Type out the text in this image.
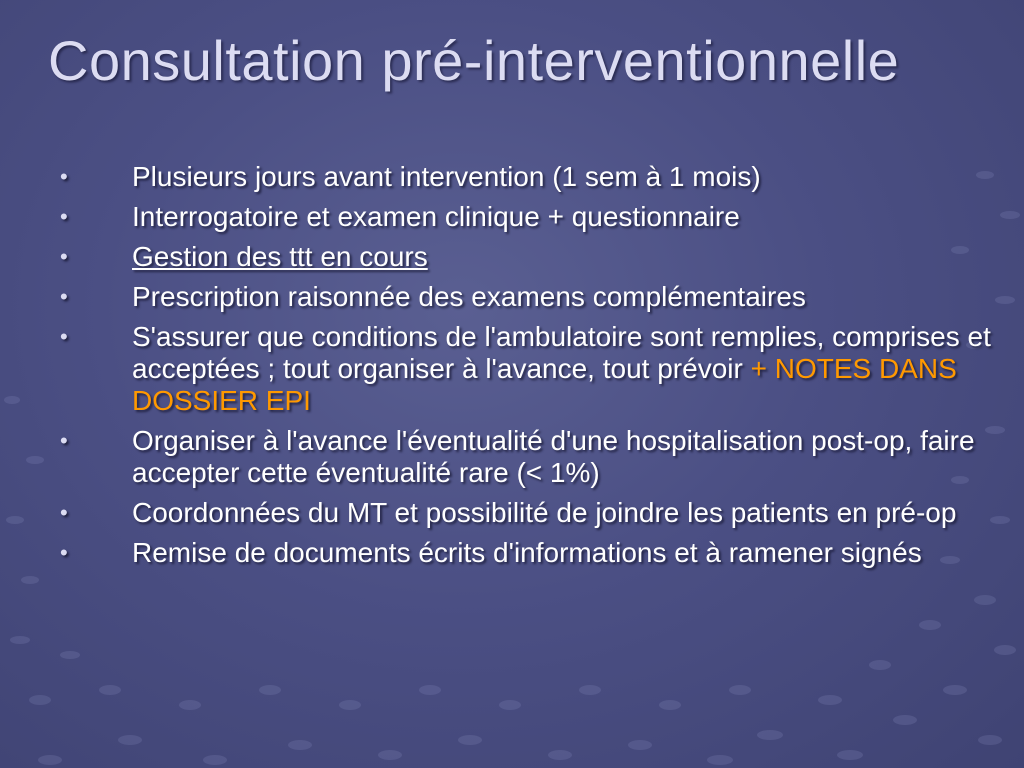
Consultation pré-interventionnelle
•	Plusieurs jours avant intervention (1 sem à 1 mois)
•	Interrogatoire et examen clinique + questionnaire
•	Gestion des ttt en cours
•	Prescription raisonnée des examens complémentaires
•	S'assurer que conditions de l'ambulatoire sont remplies, comprises et acceptées ; tout organiser à l'avance, tout prévoir + NOTES DANS DOSSIER EPI
•	Organiser à l'avance l'éventualité d'une hospitalisation post-op, faire accepter cette éventualité rare (< 1%)
•	Coordonnées du MT et possibilité de joindre les patients en pré-op
•	Remise de documents écrits d'informations et à ramener signés
